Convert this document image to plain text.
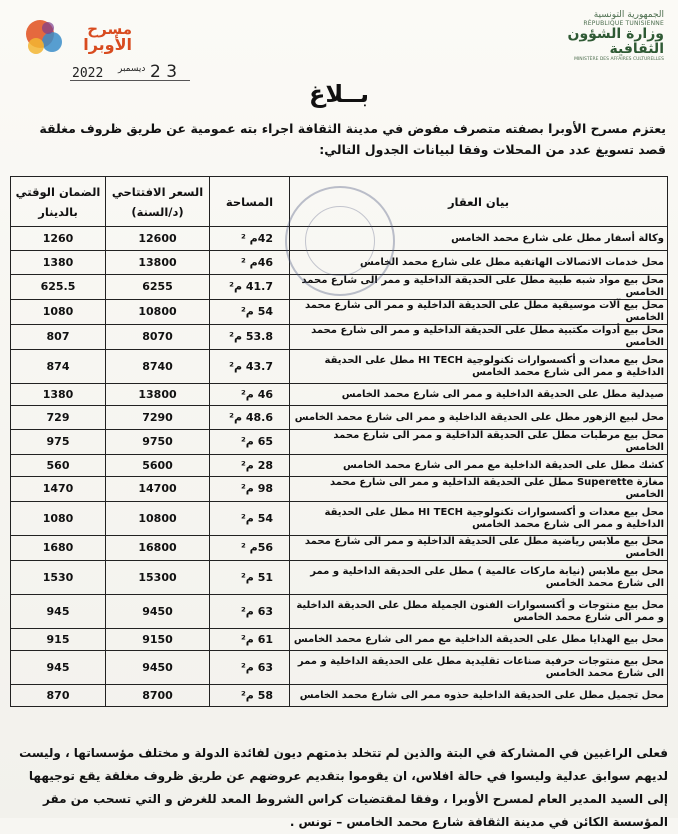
مسرح
الأوبرا
الجمهورية التونسية
RÉPUBLIQUE TUNISIENNE
وزارة الشؤون الثقافية
MINISTÈRE DES AFFAIRES CULTURELLES
2022 ديسمبر 2 3
بــلاغ
يعتزم مسرح الأوبرا بصفته متصرف مفوض في مدينة الثقافة اجراء بته عمومية عن طريق ظروف مغلقة قصد تسويغ عدد من المحلات وفقا لبيانات الجدول التالي:
بيان العقار	المساحة	السعر الافتتاحي (د/السنة)	الضمان الوقتي بالدينار
وكالة أسفار مطل على شارع محمد الخامس	42م ²	12600	1260
محل خدمات الاتصالات الهاتفية مطل على شارع محمد الخامس	46م ²	13800	1380
محل بيع مواد شبه طبية مطل على الحديقة الداخلية و ممر الى شارع محمد الخامس	41.7 م²	6255	625.5
محل بيع آلات موسيقية مطل على الحديقة الداخلية و ممر الى شارع محمد الخامس	54 م²	10800	1080
محل بيع أدوات مكتبية مطل على الحديقة الداخلية و ممر الى شارع محمد الخامس	53.8 م²	8070	807
محل بيع معدات و أكسسوارات تكنولوجية HI TECH مطل على الحديقة الداخلية و ممر الى شارع محمد الخامس	43.7 م²	8740	874
صيدلية مطل على الحديقة الداخلية و ممر الى شارع محمد الخامس	46 م²	13800	1380
محل لبيع الزهور مطل على الحديقة الداخلية و ممر الى شارع محمد الخامس	48.6 م²	7290	729
محل بيع مرطبات مطل على الحديقة الداخلية و ممر الى شارع محمد الخامس	65 م²	9750	975
كشك مطل على الحديقة الداخلية مع ممر الى شارع محمد الخامس	28 م²	5600	560
مغازة Superette مطل على الحديقة الداخلية و ممر الى شارع محمد الخامس	98 م²	14700	1470
محل بيع معدات و أكسسوارات تكنولوجية HI TECH مطل على الحديقة الداخلية و ممر الى شارع محمد الخامس	54 م²	10800	1080
محل بيع ملابس رياضية مطل على الحديقة الداخلية و ممر الى شارع محمد الخامس	56م ²	16800	1680
محل بيع ملابس (نيابة ماركات عالمية ) مطل على الحديقة الداخلية و ممر الى شارع محمد الخامس	51 م²	15300	1530
محل بيع منتوجات و أكسسوارات الفنون الجميلة مطل على الحديقة الداخلية و ممر الى شارع محمد الخامس	63 م²	9450	945
محل بيع الهدايا مطل على الحديقة الداخلية مع ممر الى شارع محمد الخامس	61 م²	9150	915
محل بيع منتوجات حرفية صناعات تقليدية مطل على الحديقة الداخلية و ممر الى شارع محمد الخامس	63 م²	9450	945
محل تجميل مطل على الحديقة الداخلية حذوه ممر الى شارع محمد الخامس	58 م²	8700	870
فعلى الراغبين في المشاركة في البتة والذين لم تتخلد بذمتهم ديون لفائدة الدولة و مختلف مؤسساتها ، وليست لديهم سوابق عدلية وليسوا في حالة افلاس، ان يقوموا بتقديم عروضهم عن طريق ظروف مغلقة يقع توجيهها إلى السيد المدير العام لمسرح الأوبرا ، وفقا لمقتضيات كراس الشروط المعد للغرض و التي تسحب من مقر المؤسسة الكائن في مدينة الثقافة شارع محمد الخامس – تونس .
